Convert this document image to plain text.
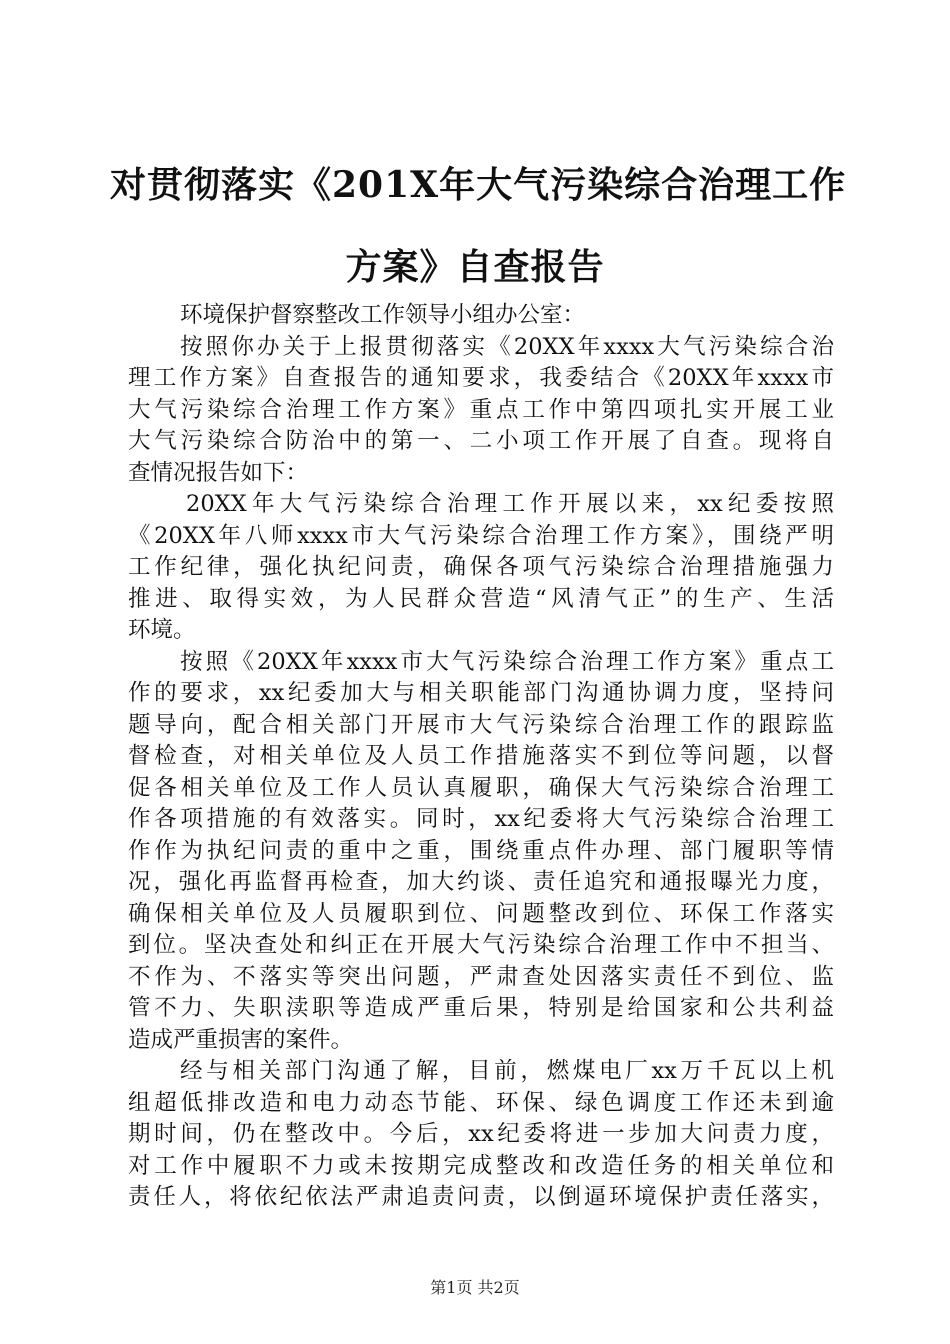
对贯彻落实《201X年大气污染综合治理工作
方案》自查报告
环境保护督察整改工作领导小组办公室：
按照你办关于上报贯彻落实《20XX年xxxx大气污染综合治
理工作方案》自查报告的通知要求，我委结合《20XX年xxxx市
大气污染综合治理工作方案》重点工作中第四项扎实开展工业
大气污染综合防治中的第一、二小项工作开展了自查。现将自
查情况报告如下：
20XX年大气污染综合治理工作开展以来，xx纪委按照
《20XX年八师xxxx市大气污染综合治理工作方案》，围绕严明
工作纪律，强化执纪问责，确保各项气污染综合治理措施强力
推进、取得实效，为人民群众营造“风清气正”的生产、生活
环境。
按照《20XX年xxxx市大气污染综合治理工作方案》重点工
作的要求，xx纪委加大与相关职能部门沟通协调力度，坚持问
题导向，配合相关部门开展市大气污染综合治理工作的跟踪监
督检查，对相关单位及人员工作措施落实不到位等问题，以督
促各相关单位及工作人员认真履职，确保大气污染综合治理工
作各项措施的有效落实。同时，xx纪委将大气污染综合治理工
作作为执纪问责的重中之重，围绕重点件办理、部门履职等情
况，强化再监督再检查，加大约谈、责任追究和通报曝光力度，
确保相关单位及人员履职到位、问题整改到位、环保工作落实
到位。坚决查处和纠正在开展大气污染综合治理工作中不担当、
不作为、不落实等突出问题，严肃查处因落实责任不到位、监
管不力、失职渎职等造成严重后果，特别是给国家和公共利益
造成严重损害的案件。
经与相关部门沟通了解，目前，燃煤电厂xx万千瓦以上机
组超低排改造和电力动态节能、环保、绿色调度工作还未到逾
期时间，仍在整改中。今后，xx纪委将进一步加大问责力度，
对工作中履职不力或未按期完成整改和改造任务的相关单位和
责任人，将依纪依法严肃追责问责，以倒逼环境保护责任落实，
第1页 共2页
